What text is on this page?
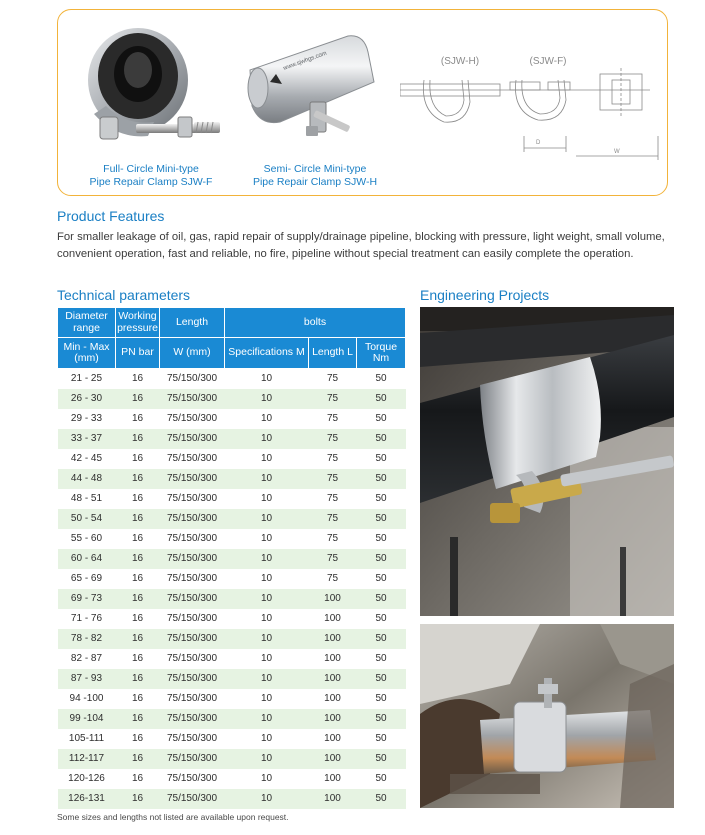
www.sjwhgs.com	(SJW-H)	(SJW-F)
D
W
Full- Circle Mini-type
Pipe Repair Clamp SJW-F
Semi- Circle Mini-type
Pipe Repair Clamp SJW-H
Product Features

For smaller leakage of oil, gas, rapid repair of supply/drainage pipeline, blocking with pressure, light weight, small volume, convenient operation, fast and reliable, no fire, pipeline without special treatment can easily complete the operation.

Technical parameters	Engineering Projects
Diameter range	Working pressure	Length	bolts		
Min - Max (mm)	PN bar	W (mm)	Specifications M	Length L	Torque Nm
21 - 25	16	75/150/300	10	75	50
26 - 30	16	75/150/300	10	75	50
29 - 33	16	75/150/300	10	75	50
33 - 37	16	75/150/300	10	75	50
42 - 45	16	75/150/300	10	75	50
44 - 48	16	75/150/300	10	75	50
48 - 51	16	75/150/300	10	75	50
50 - 54	16	75/150/300	10	75	50
55 - 60	16	75/150/300	10	75	50
60 - 64	16	75/150/300	10	75	50
65 - 69	16	75/150/300	10	75	50
69 - 73	16	75/150/300	10	100	50
71 - 76	16	75/150/300	10	100	50
78 - 82	16	75/150/300	10	100	50
82 - 87	16	75/150/300	10	100	50
87 - 93	16	75/150/300	10	100	50
94 -100	16	75/150/300	10	100	50
99 -104	16	75/150/300	10	100	50
105-111	16	75/150/300	10	100	50
112-117	16	75/150/300	10	100	50
120-126	16	75/150/300	10	100	50
126-131	16	75/150/300	10	100	50
Some sizes and lengths not listed are available upon request.
